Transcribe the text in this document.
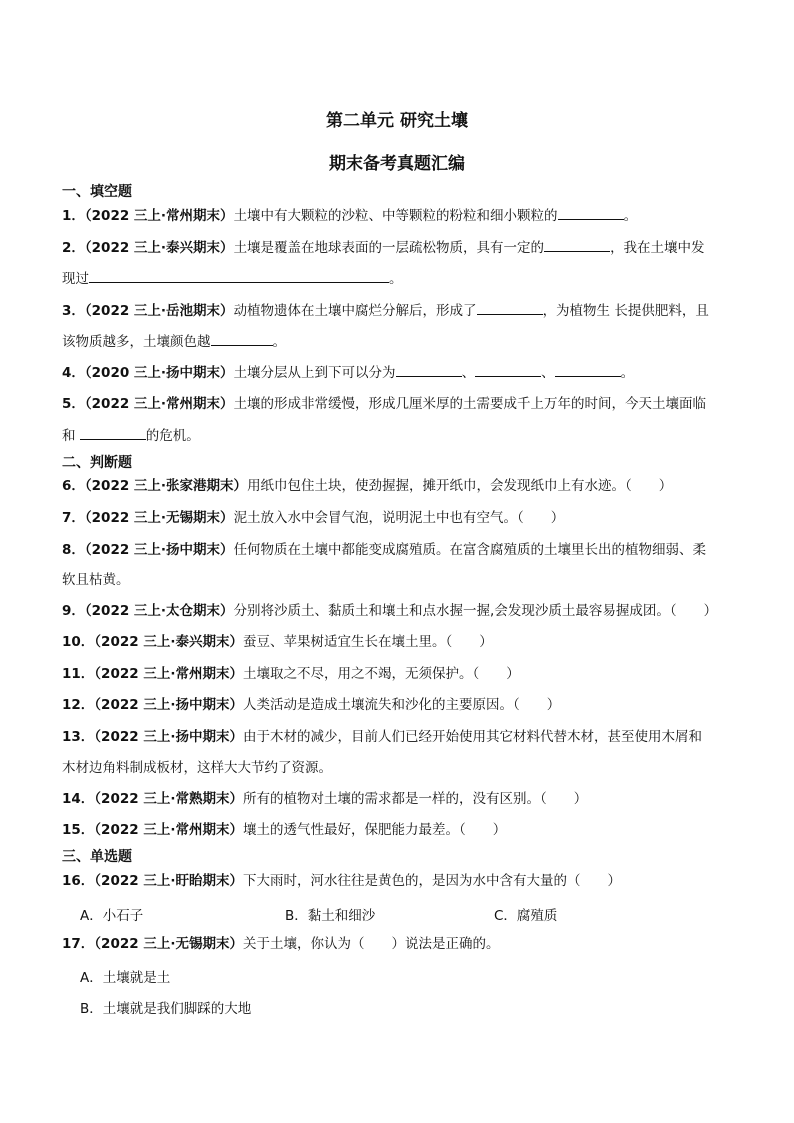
第二单元 研究土壤
期末备考真题汇编
一、填空题
1．（2022 三上·常州期末）土壤中有大颗粒的沙粒、中等颗粒的粉粒和细小颗粒的	。
2．（2022 三上·泰兴期末）土壤是覆盖在地球表面的一层疏松物质，具有一定的	，我在土壤中发
现过	。
3．（2022 三上·岳池期末）动植物遗体在土壤中腐烂分解后，形成了	，为植物生 长提供肥料，且
该物质越多，土壤颜色越	。
4．（2020 三上·扬中期末）土壤分层从上到下可以分为	、	、	。
5．（2022 三上·常州期末）土壤的形成非常缓慢，形成几厘米厚的土需要成千上万年的时间，今天土壤面临
和	的危机。
二、判断题
6．（2022 三上·张家港期末）用纸巾包住土块，使劲握握，摊开纸巾，会发现纸巾上有水迹。（　　）
7．（2022 三上·无锡期末）泥土放入水中会冒气泡，说明泥土中也有空气。（　　）
8．（2022 三上·扬中期末）任何物质在土壤中都能变成腐殖质。在富含腐殖质的土壤里长出的植物细弱、柔
软且枯黄。
9．（2022 三上·太仓期末）分别将沙质土、黏质土和壤土和点水握一握,会发现沙质土最容易握成团。（　　）
10．（2022 三上·泰兴期末）蚕豆、苹果树适宜生长在壤土里。（　　）
11．（2022 三上·常州期末）土壤取之不尽，用之不竭，无须保护。（　　）
12．（2022 三上·扬中期末）人类活动是造成土壤流失和沙化的主要原因。（　　）
13．（2022 三上·扬中期末）由于木材的减少，目前人们已经开始使用其它材料代替木材，甚至使用木屑和
木材边角料制成板材，这样大大节约了资源。
14．（2022 三上·常熟期末）所有的植物对土壤的需求都是一样的，没有区别。（　　）
15．（2022 三上·常州期末）壤土的透气性最好，保肥能力最差。（　　）
三、单选题
16．（2022 三上·盱眙期末）下大雨时，河水往往是黄色的，是因为水中含有大量的（　　）
A．小石子	B．黏土和细沙	C．腐殖质
17．（2022 三上·无锡期末）关于土壤，你认为（　　）说法是正确的。
A．土壤就是土
B．土壤就是我们脚踩的大地
